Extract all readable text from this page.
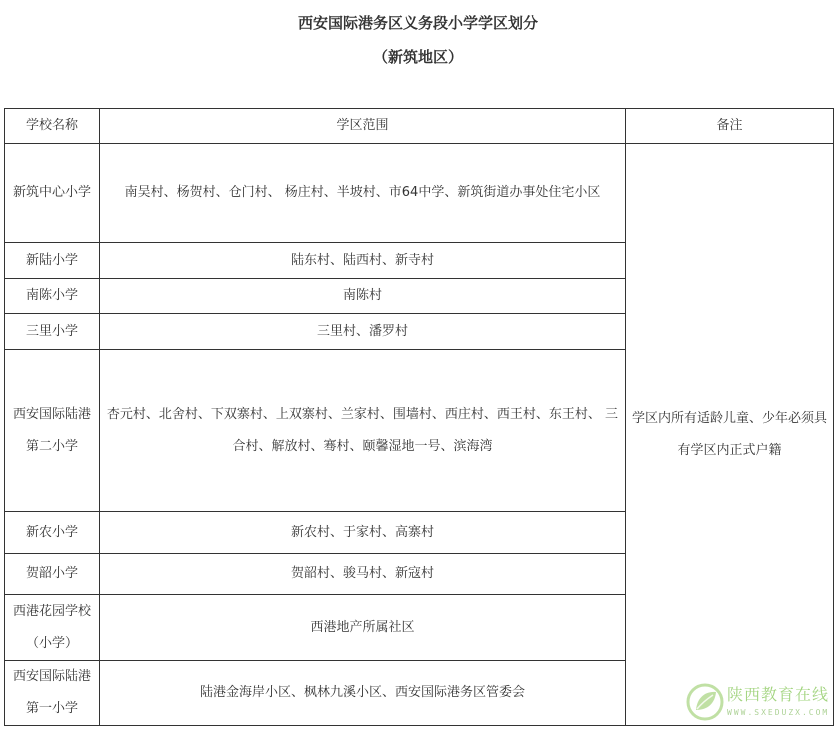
西安国际港务区义务段小学学区划分
（新筑地区）
学校名称	学区范围	备注
新筑中心小学	南吴村、杨贺村、仓门村、 杨庄村、半坡村、市64中学、新筑街道办事处住宅小区	学区内所有适龄儿童、少年必须具有学区内正式户籍
新陆小学	陆东村、陆西村、新寺村	
南陈小学	南陈村	
三里小学	三里村、潘罗村	
西安国际陆港第二小学	杏元村、北舍村、下双寨村、上双寨村、兰家村、围墙村、西庄村、西王村、东王村、 三合村、解放村、骞村、颐馨湿地一号、滨海湾	
新农小学	新农村、于家村、高寨村	
贺韶小学	贺韶村、骏马村、新寇村	
西港花园学校（小学）	西港地产所属社区	
西安国际陆港第一小学	陆港金海岸小区、枫林九溪小区、西安国际港务区管委会		陕西教育在线
WWW.SXEDUZX.COM
